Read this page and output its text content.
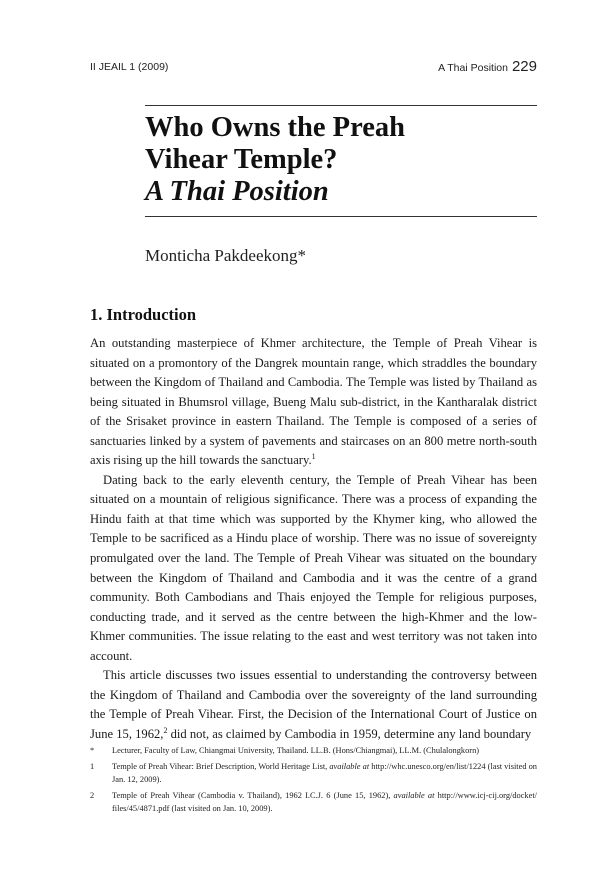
II JEAIL 1 (2009)	A Thai Position 229
Who Owns the Preah
Vihear Temple?
A Thai Position
Monticha Pakdeekong*
1. Introduction

An outstanding masterpiece of Khmer architecture, the Temple of Preah Vihear is situated on a promontory of the Dangrek mountain range, which straddles the boundary between the Kingdom of Thailand and Cambodia. The Temple was listed by Thailand as being situated in Bhumsrol village, Bueng Malu sub-district, in the Kantharalak district of the Srisaket province in eastern Thailand. The Temple is composed of a series of sanctuaries linked by a system of pavements and staircases on an 800 metre north-south axis rising up the hill towards the sanctuary.$^1$

Dating back to the early eleventh century, the Temple of Preah Vihear has been situated on a mountain of religious significance. There was a process of expanding the Hindu faith at that time which was supported by the Khymer king, who allowed the Temple to be sacrificed as a Hindu place of worship. There was no issue of sovereignty promulgated over the land. The Temple of Preah Vihear was situated on the boundary between the Kingdom of Thailand and Cambodia and it was the centre of a grand community. Both Cambodians and Thais enjoyed the Temple for religious purposes, conducting trade, and it served as the centre between the high-Khmer and the low-Khmer communities. The issue relating to the east and west territory was not taken into account.

This article discusses two issues essential to understanding the controversy between the Kingdom of Thailand and Cambodia over the sovereignty of the land surrounding the Temple of Preah Vihear. First, the Decision of the International Court of Justice on June 15, 1962,$^2$ did not, as claimed by Cambodia in 1959, determine any land boundary

* Lecturer, Faculty of Law, Chiangmai University, Thailand. LL.B. (Hons/Chiangmai), LL.M. (Chulalongkorn)
1 Temple of Preah Vihear: Brief Description, World Heritage List, available at http://whc.unesco.org/en/list/1224 (last visited on Jan. 12, 2009).
2 Temple of Preah Vihear (Cambodia v. Thailand), 1962 I.C.J. 6 (June 15, 1962), available at http://www.icj-cij.org/docket/ files/45/4871.pdf (last visited on Jan. 10, 2009).
